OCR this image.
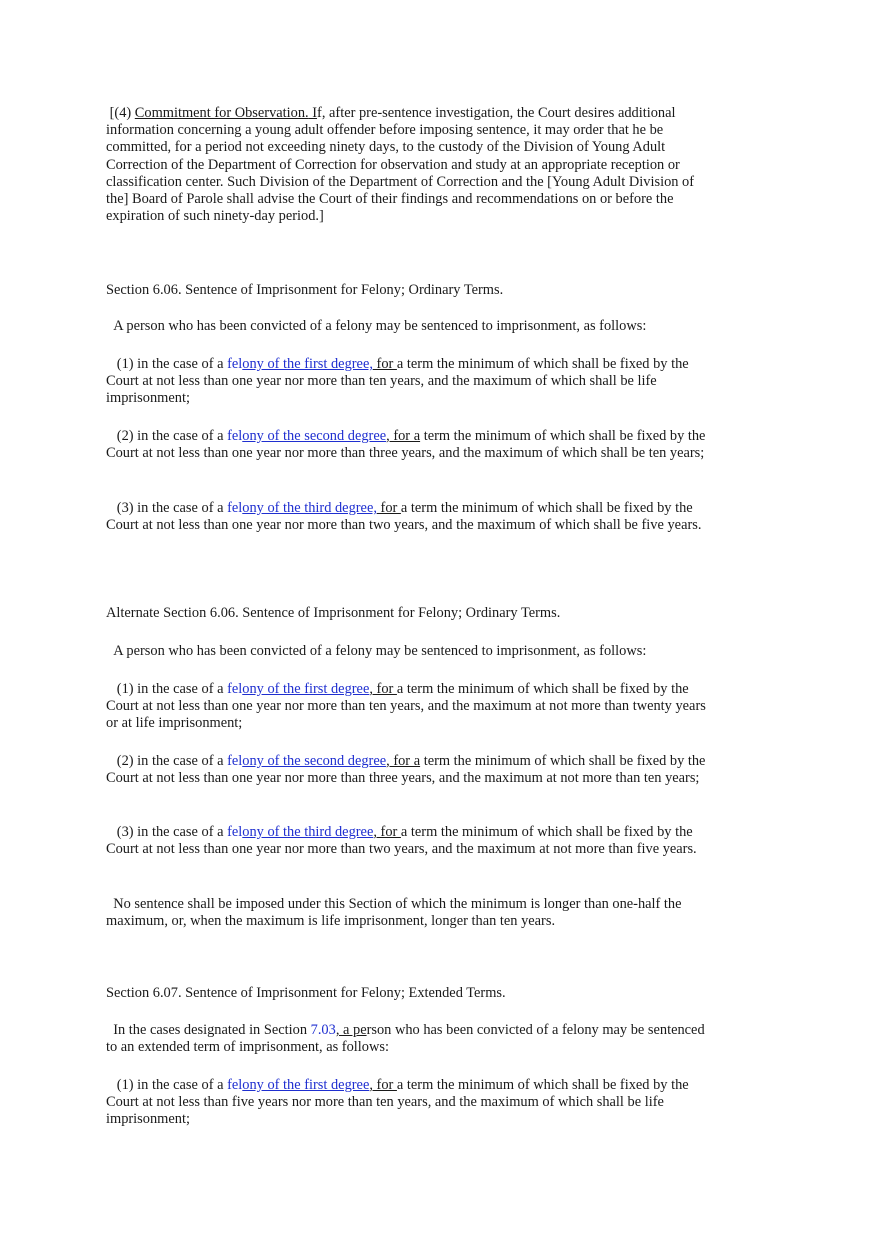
[(4) Commitment for Observation. If, after pre-sentence investigation, the Court desires additional information concerning a young adult offender before imposing sentence, it may order that he be committed, for a period not exceeding ninety days, to the custody of the Division of Young Adult Correction of the Department of Correction for observation and study at an appropriate reception or classification center. Such Division of the Department of Correction and the [Young Adult Division of the] Board of Parole shall advise the Court of their findings and recommendations on or before the expiration of such ninety-day period.]

Section 6.06. Sentence of Imprisonment for Felony; Ordinary Terms.

A person who has been convicted of a felony may be sentenced to imprisonment, as follows:

(1) in the case of a felony of the first degree, for a term the minimum of which shall be fixed by the Court at not less than one year nor more than ten years, and the maximum of which shall be life imprisonment;

(2) in the case of a felony of the second degree, for a term the minimum of which shall be fixed by the Court at not less than one year nor more than three years, and the maximum of which shall be ten years;

(3) in the case of a felony of the third degree, for a term the minimum of which shall be fixed by the Court at not less than one year nor more than two years, and the maximum of which shall be five years.

Alternate Section 6.06. Sentence of Imprisonment for Felony; Ordinary Terms.

A person who has been convicted of a felony may be sentenced to imprisonment, as follows:

(1) in the case of a felony of the first degree, for a term the minimum of which shall be fixed by the Court at not less than one year nor more than ten years, and the maximum at not more than twenty years or at life imprisonment;

(2) in the case of a felony of the second degree, for a term the minimum of which shall be fixed by the Court at not less than one year nor more than three years, and the maximum at not more than ten years;

(3) in the case of a felony of the third degree, for a term the minimum of which shall be fixed by the Court at not less than one year nor more than two years, and the maximum at not more than five years.

No sentence shall be imposed under this Section of which the minimum is longer than one-half the maximum, or, when the maximum is life imprisonment, longer than ten years.

Section 6.07. Sentence of Imprisonment for Felony; Extended Terms.

In the cases designated in Section 7.03, a person who has been convicted of a felony may be sentenced to an extended term of imprisonment, as follows:

(1) in the case of a felony of the first degree, for a term the minimum of which shall be fixed by the Court at not less than five years nor more than ten years, and the maximum of which shall be life imprisonment;
